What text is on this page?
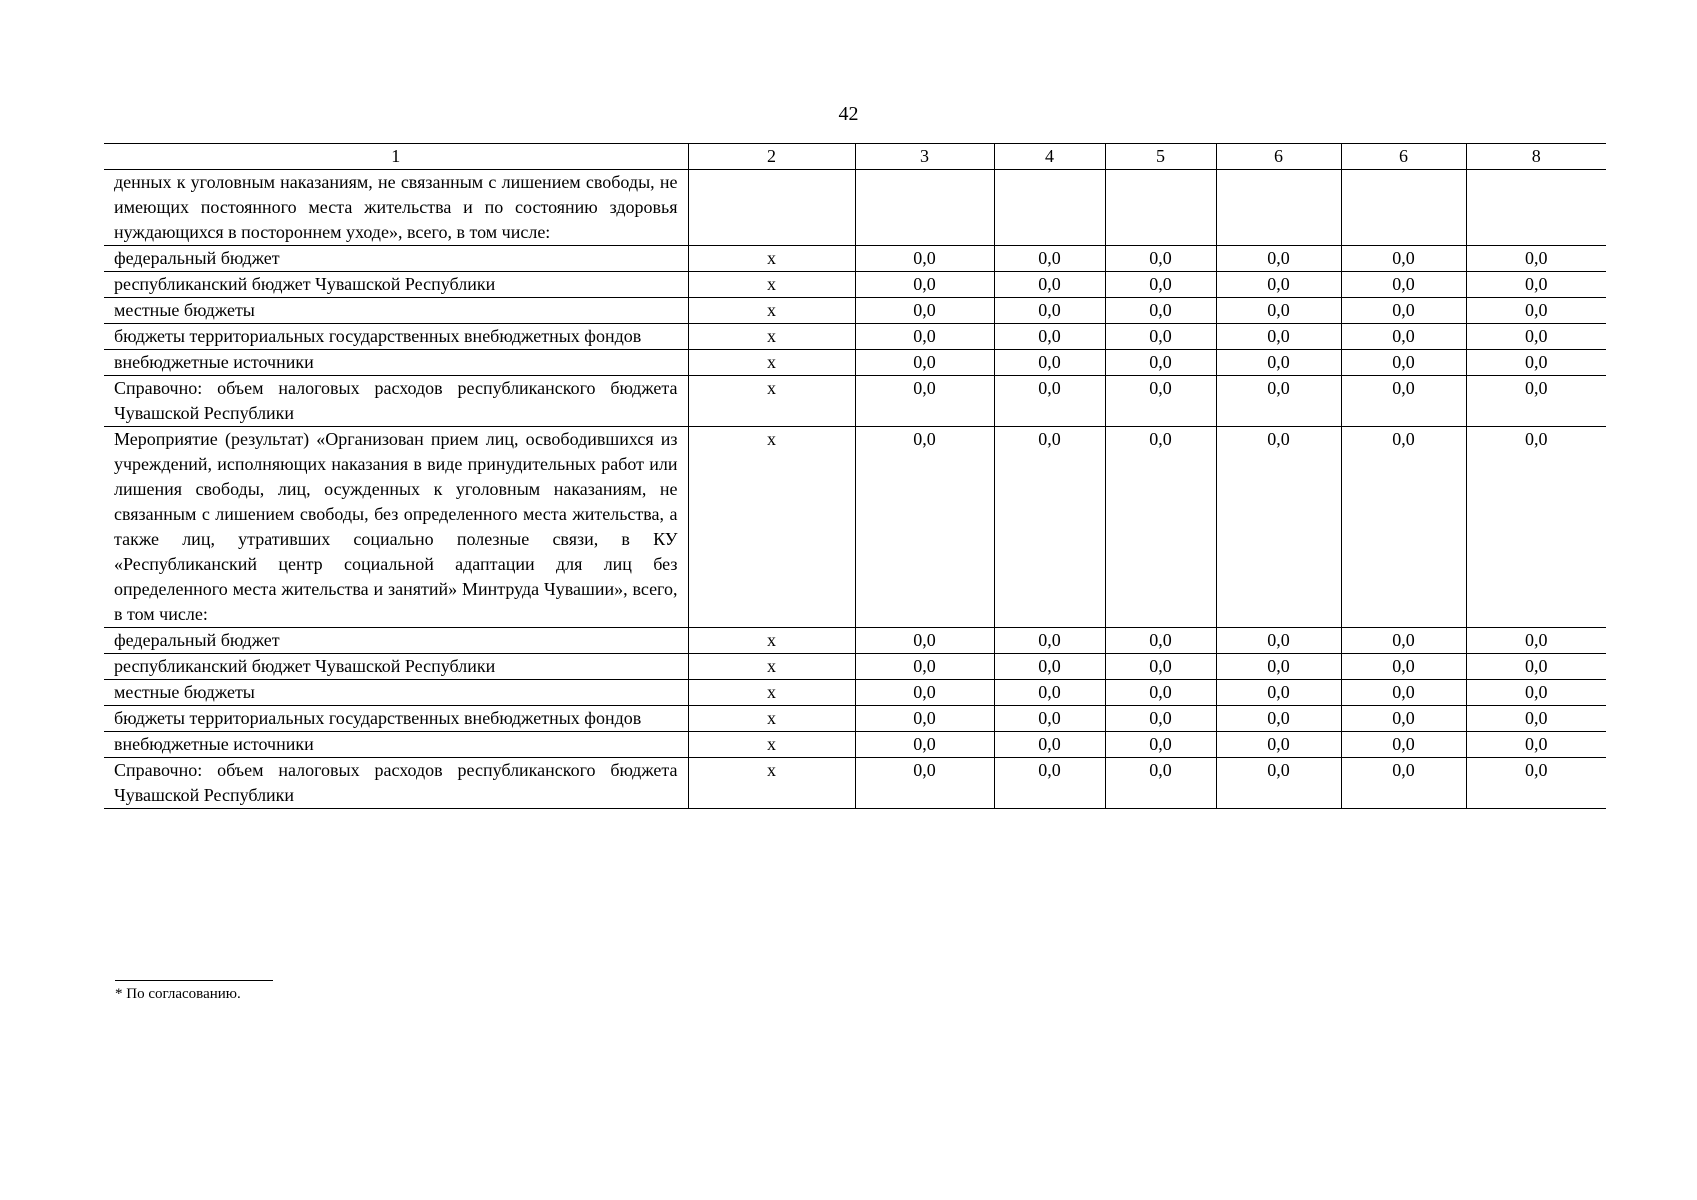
42
1	2	3	4	5	6	6	8
денных к уголовным наказаниям, не связанным с лишением свободы, не имеющих постоянного места жительства и по состоянию здоровья нуждающихся в постороннем уходе», всего, в том числе:							
федеральный бюджет	х	0,0	0,0	0,0	0,0	0,0	0,0
республиканский бюджет Чувашской Республики	х	0,0	0,0	0,0	0,0	0,0	0,0
местные бюджеты	х	0,0	0,0	0,0	0,0	0,0	0,0
бюджеты территориальных государственных внебюджетных фондов	х	0,0	0,0	0,0	0,0	0,0	0,0
внебюджетные источники	х	0,0	0,0	0,0	0,0	0,0	0,0
Справочно: объем налоговых расходов республиканского бюджета Чувашской Республики	х	0,0	0,0	0,0	0,0	0,0	0,0
Мероприятие (результат) «Организован прием лиц, освободившихся из учреждений, исполняющих наказания в виде принудительных работ или лишения свободы, лиц, осужденных к уголовным наказаниям, не связанным с лишением свободы, без определенного места жительства, а также лиц, утративших социально полезные связи, в КУ «Республиканский центр социальной адаптации для лиц без определенного места жительства и занятий» Минтруда Чувашии», всего, в том числе:	х	0,0	0,0	0,0	0,0	0,0	0,0
федеральный бюджет	х	0,0	0,0	0,0	0,0	0,0	0,0
республиканский бюджет Чувашской Республики	х	0,0	0,0	0,0	0,0	0,0	0,0
местные бюджеты	х	0,0	0,0	0,0	0,0	0,0	0,0
бюджеты территориальных государственных внебюджетных фондов	х	0,0	0,0	0,0	0,0	0,0	0,0
внебюджетные источники	х	0,0	0,0	0,0	0,0	0,0	0,0
Справочно: объем налоговых расходов республиканского бюджета Чувашской Республики	х	0,0	0,0	0,0	0,0	0,0	0,0
* По согласованию.
